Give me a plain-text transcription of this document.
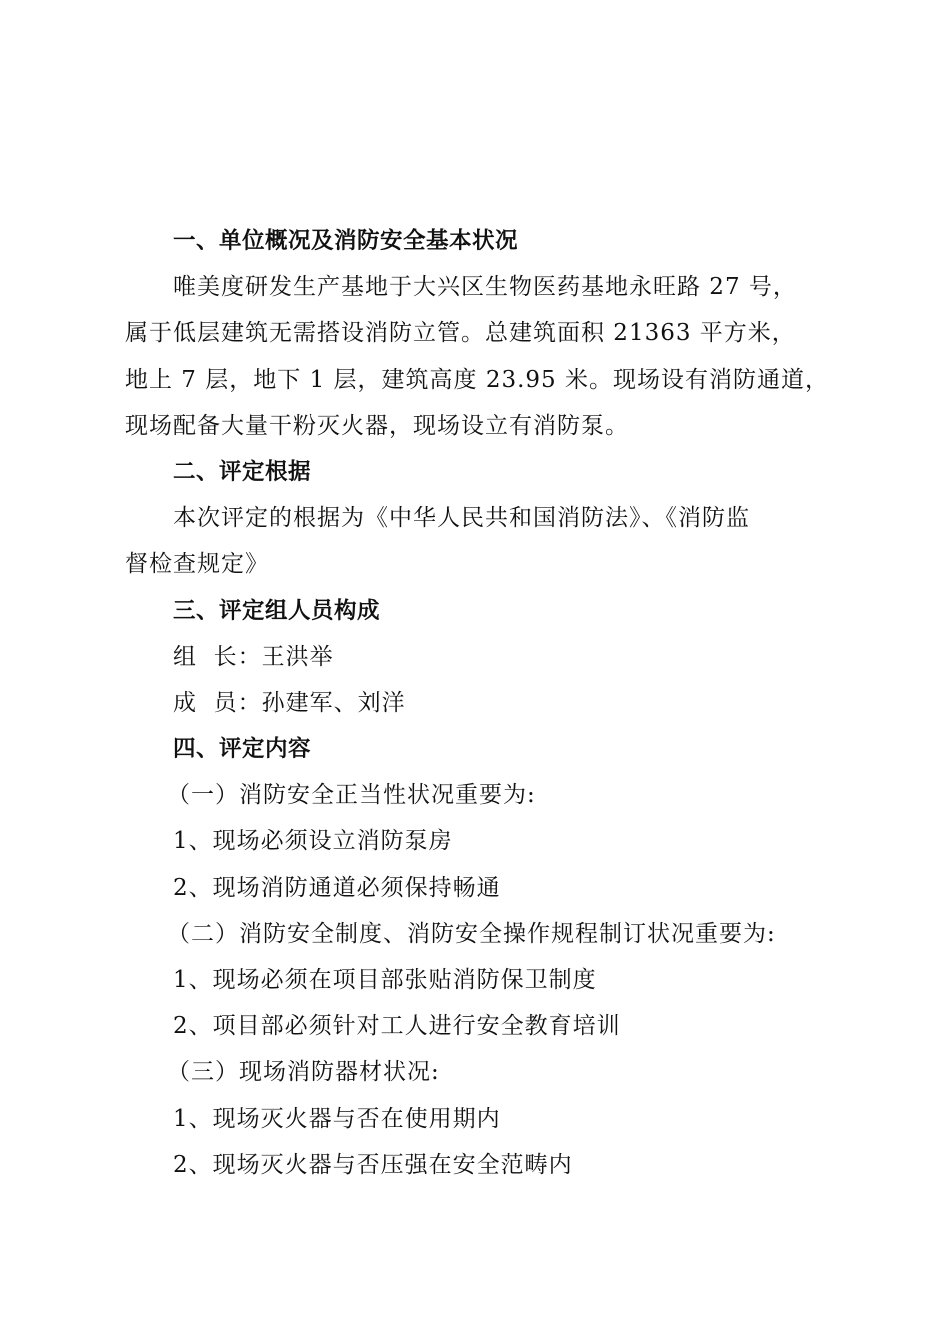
一、单位概况及消防安全基本状况
唯美度研发生产基地于大兴区生物医药基地永旺路 27 号，
属于低层建筑无需搭设消防立管。总建筑面积 21363 平方米，
地上 7 层，地下 1 层，建筑高度 23.95 米。现场设有消防通道，
现场配备大量干粉灭火器，现场设立有消防泵。
二、评定根据
本次评定的根据为《中华人民共和国消防法》、《消防监
督检查规定》
三、评定组人员构成
组  长：王洪举
成  员：孙建军、刘洋
四、评定内容
（一）消防安全正当性状况重要为:
1、现场必须设立消防泵房
2、现场消防通道必须保持畅通
（二）消防安全制度、消防安全操作规程制订状况重要为:
1、现场必须在项目部张贴消防保卫制度
2、项目部必须针对工人进行安全教育培训
（三）现场消防器材状况:
1、现场灭火器与否在使用期内
2、现场灭火器与否压强在安全范畴内
